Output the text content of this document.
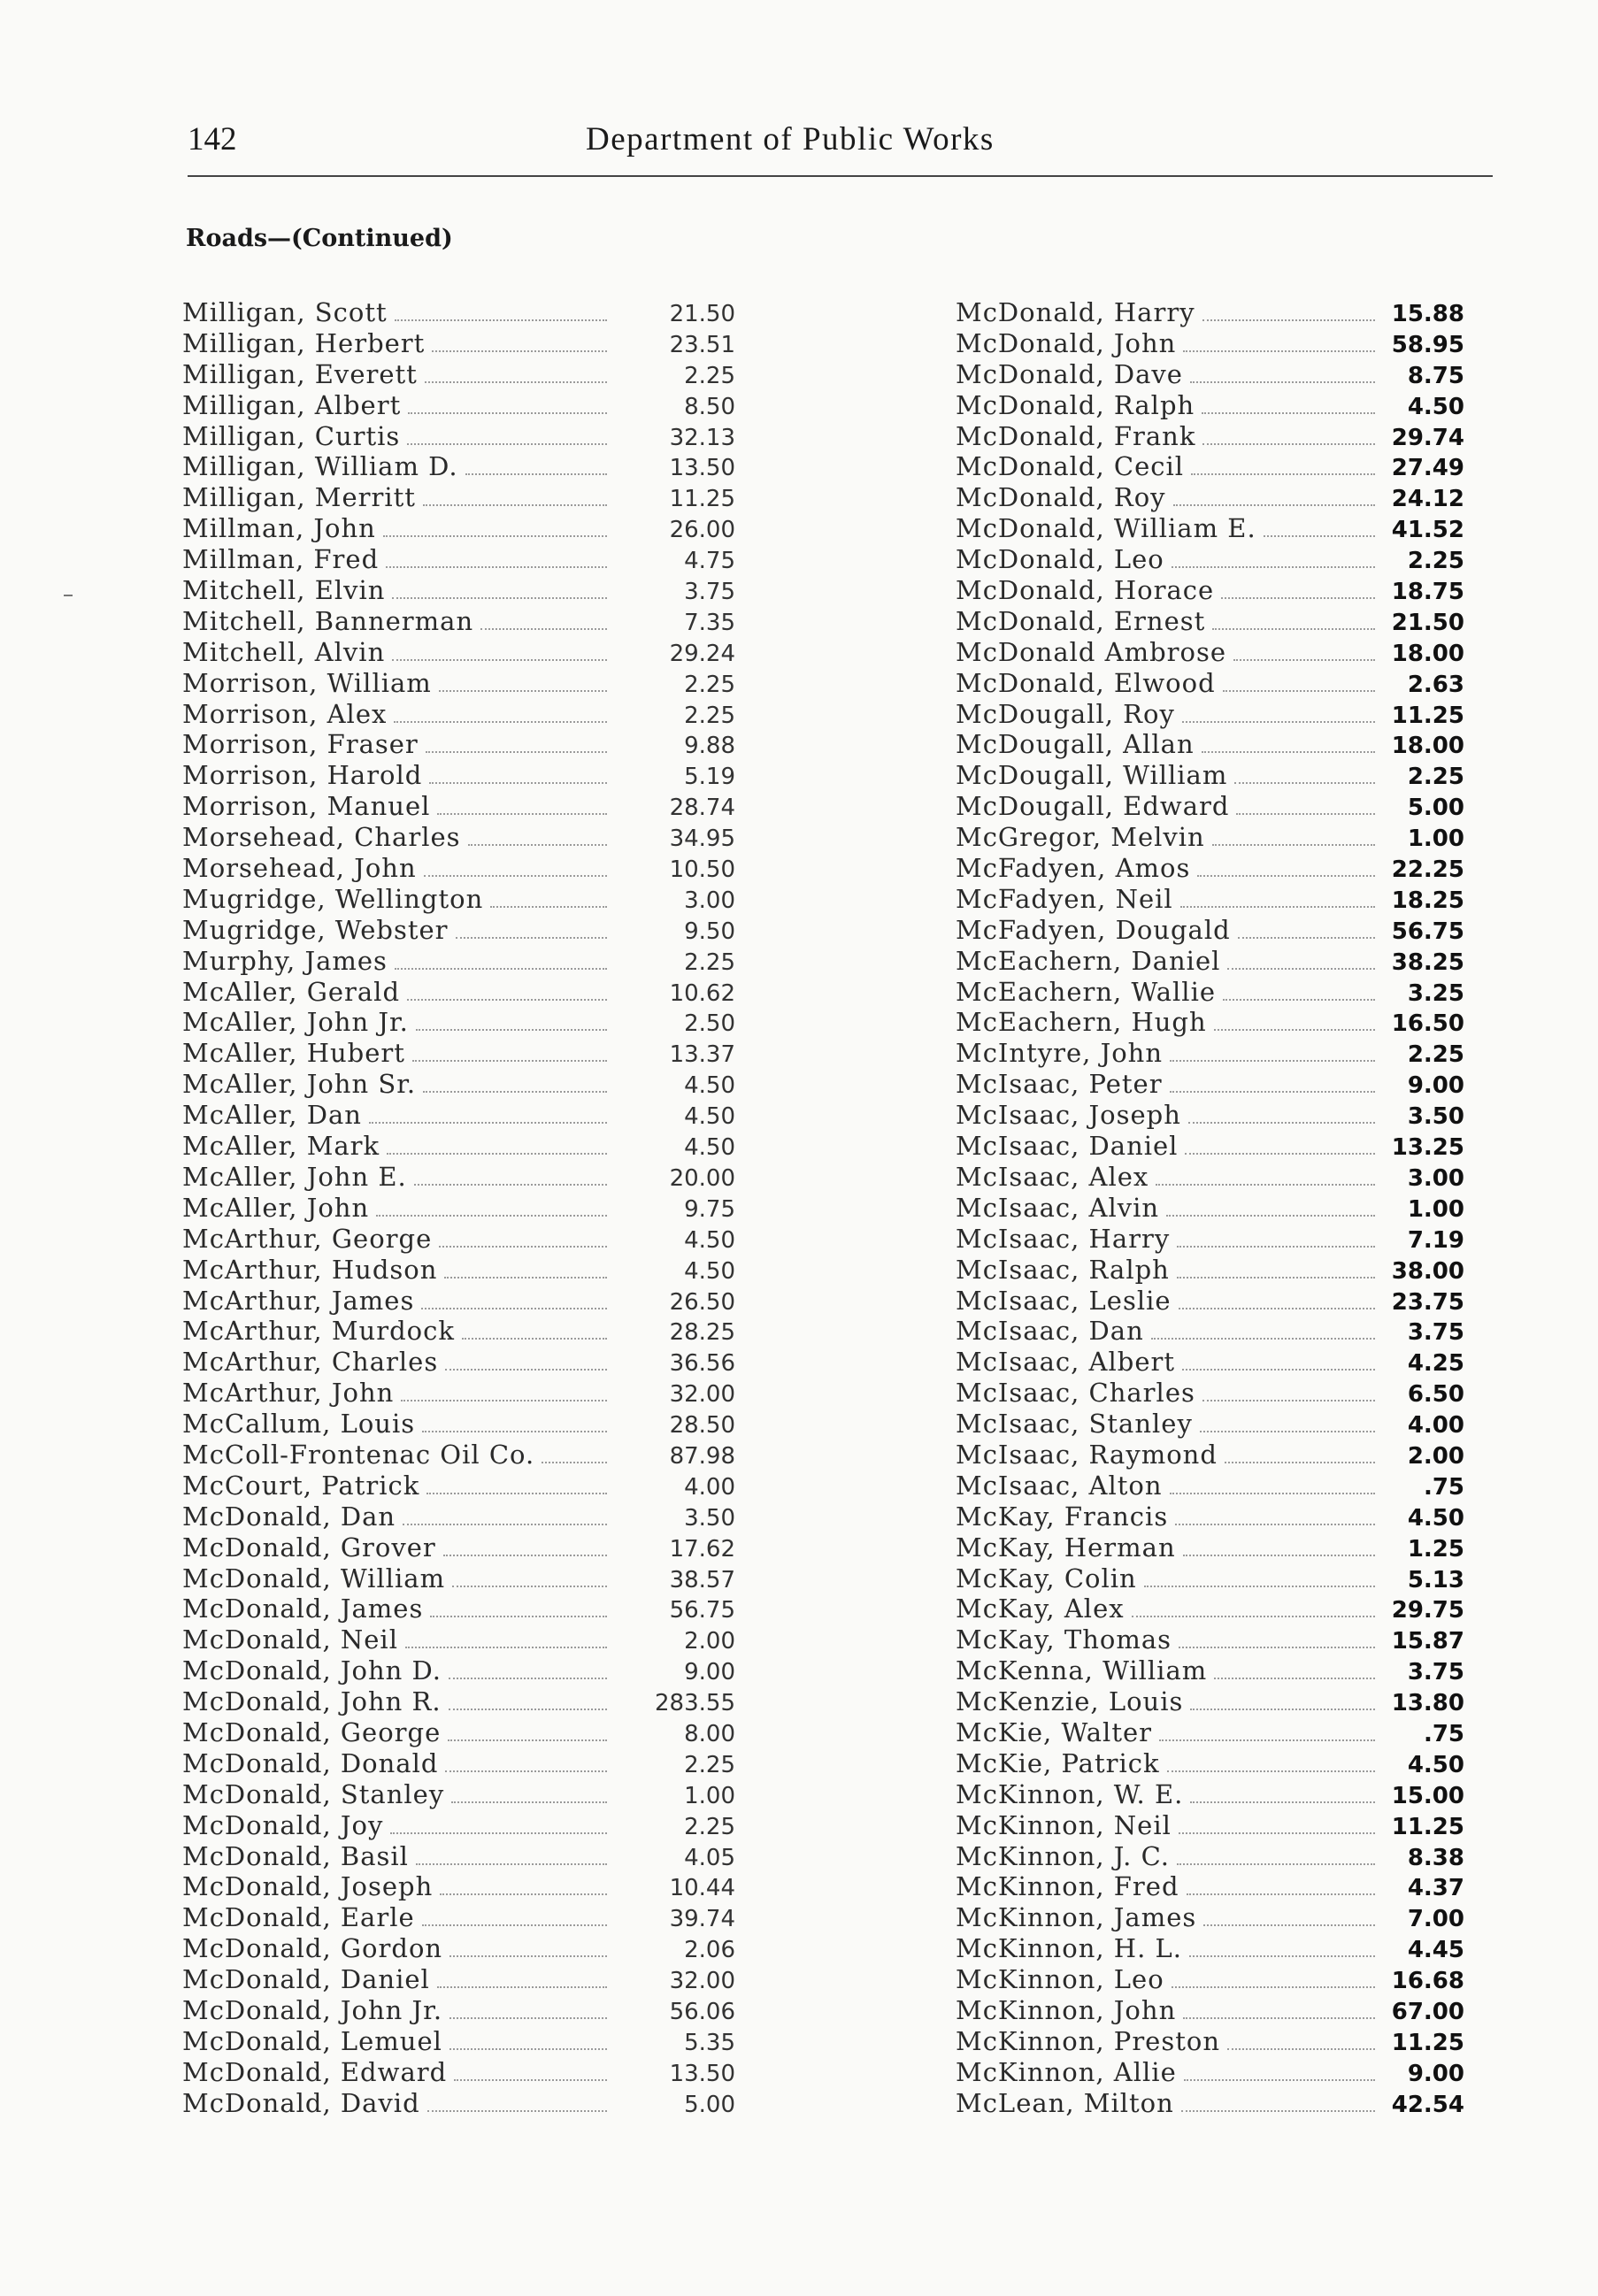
142	Department of Public Works
Roads—(Continued)
Milligan, Scott	21.50
Milligan, Herbert	23.51
Milligan, Everett	2.25
Milligan, Albert	8.50
Milligan, Curtis	32.13
Milligan, William D.	13.50
Milligan, Merritt	11.25
Millman, John	26.00
Millman, Fred	4.75
Mitchell, Elvin	3.75
Mitchell, Bannerman	7.35
Mitchell, Alvin	29.24
Morrison, William	2.25
Morrison, Alex	2.25
Morrison, Fraser	9.88
Morrison, Harold	5.19
Morrison, Manuel	28.74
Morsehead, Charles	34.95
Morsehead, John	10.50
Mugridge, Wellington	3.00
Mugridge, Webster	9.50
Murphy, James	2.25
McAller, Gerald	10.62
McAller, John Jr.	2.50
McAller, Hubert	13.37
McAller, John Sr.	4.50
McAller, Dan	4.50
McAller, Mark	4.50
McAller, John E.	20.00
McAller, John	9.75
McArthur, George	4.50
McArthur, Hudson	4.50
McArthur, James	26.50
McArthur, Murdock	28.25
McArthur, Charles	36.56
McArthur, John	32.00
McCallum, Louis	28.50
McColl-Frontenac Oil Co.	87.98
McCourt, Patrick	4.00
McDonald, Dan	3.50
McDonald, Grover	17.62
McDonald, William	38.57
McDonald, James	56.75
McDonald, Neil	2.00
McDonald, John D.	9.00
McDonald, John R.	283.55
McDonald, George	8.00
McDonald, Donald	2.25
McDonald, Stanley	1.00
McDonald, Joy	2.25
McDonald, Basil	4.05
McDonald, Joseph	10.44
McDonald, Earle	39.74
McDonald, Gordon	2.06
McDonald, Daniel	32.00
McDonald, John Jr.	56.06
McDonald, Lemuel	5.35
McDonald, Edward	13.50
McDonald, David	5.00
McDonald, Harry	15.88
McDonald, John	58.95
McDonald, Dave	8.75
McDonald, Ralph	4.50
McDonald, Frank	29.74
McDonald, Cecil	27.49
McDonald, Roy	24.12
McDonald, William E.	41.52
McDonald, Leo	2.25
McDonald, Horace	18.75
McDonald, Ernest	21.50
McDonald Ambrose	18.00
McDonald, Elwood	2.63
McDougall, Roy	11.25
McDougall, Allan	18.00
McDougall, William	2.25
McDougall, Edward	5.00
McGregor, Melvin	1.00
McFadyen, Amos	22.25
McFadyen, Neil	18.25
McFadyen, Dougald	56.75
McEachern, Daniel	38.25
McEachern, Wallie	3.25
McEachern, Hugh	16.50
McIntyre, John	2.25
McIsaac, Peter	9.00
McIsaac, Joseph	3.50
McIsaac, Daniel	13.25
McIsaac, Alex	3.00
McIsaac, Alvin	1.00
McIsaac, Harry	7.19
McIsaac, Ralph	38.00
McIsaac, Leslie	23.75
McIsaac, Dan	3.75
McIsaac, Albert	4.25
McIsaac, Charles	6.50
McIsaac, Stanley	4.00
McIsaac, Raymond	2.00
McIsaac, Alton	.75
McKay, Francis	4.50
McKay, Herman	1.25
McKay, Colin	5.13
McKay, Alex	29.75
McKay, Thomas	15.87
McKenna, William	3.75
McKenzie, Louis	13.80
McKie, Walter	.75
McKie, Patrick	4.50
McKinnon, W. E.	15.00
McKinnon, Neil	11.25
McKinnon, J. C.	8.38
McKinnon, Fred	4.37
McKinnon, James	7.00
McKinnon, H. L.	4.45
McKinnon, Leo	16.68
McKinnon, John	67.00
McKinnon, Preston	11.25
McKinnon, Allie	9.00
McLean, Milton	42.54
